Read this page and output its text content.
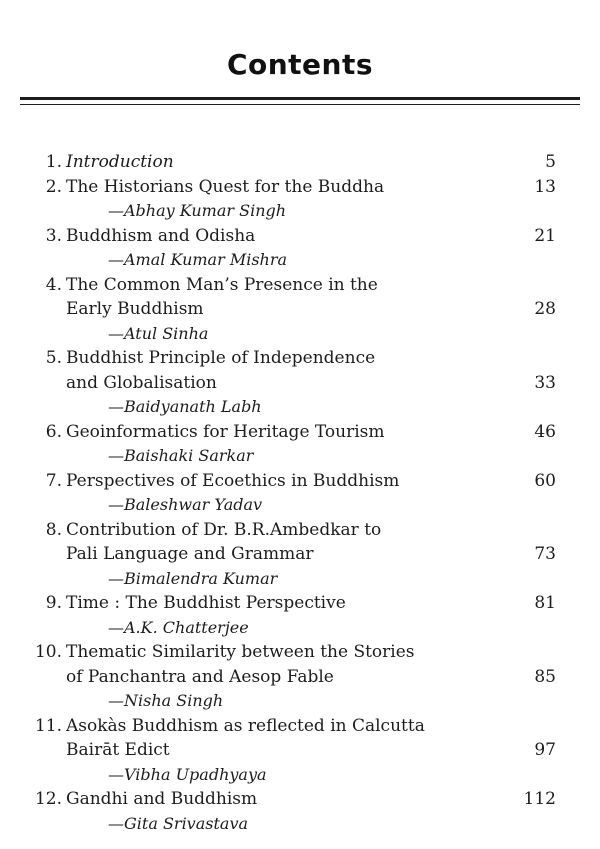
Contents
1. Introduction	5
2. The Historians Quest for the Buddha
—Abhay Kumar Singh
13
3. Buddhism and Odisha
—Amal Kumar Mishra
21
4. The Common Man’s Presence in the
Early Buddhism
—Atul Sinha
28
5. Buddhist Principle of Independence
and Globalisation
—Baidyanath Labh
33
6. Geoinformatics for Heritage Tourism
—Baishaki Sarkar
46
7. Perspectives of Ecoethics in Buddhism
—Baleshwar Yadav
60
8. Contribution of Dr. B.R.Ambedkar to
Pali Language and Grammar
—Bimalendra Kumar
73
9. Time : The Buddhist Perspective
—A.K. Chatterjee
81
10. Thematic Similarity between the Stories
of Panchantra and Aesop Fable
—Nisha Singh
85
11. Asokàs Buddhism as reflected in Calcutta
Bairāt Edict
—Vibha Upadhyaya
97
12. Gandhi and Buddhism
—Gita Srivastava
112
